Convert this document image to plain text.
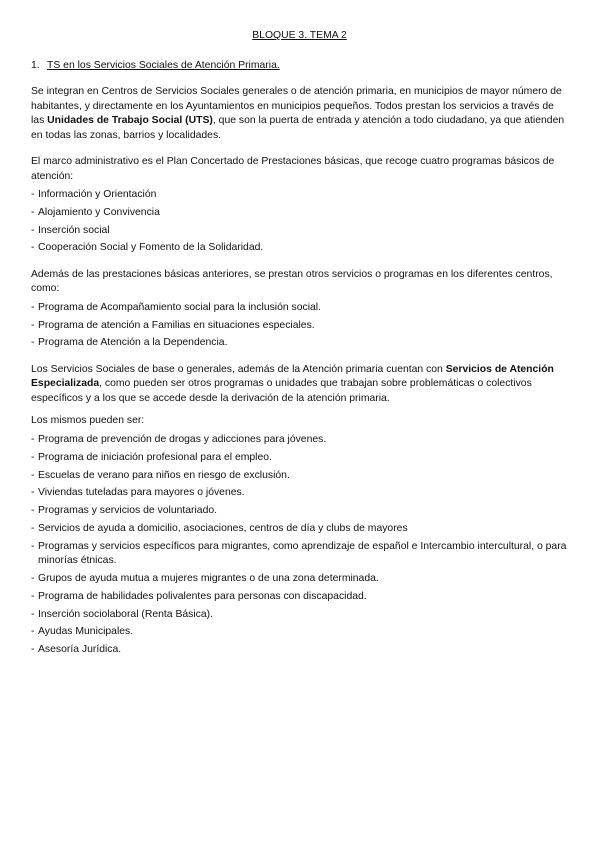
BLOQUE 3. TEMA 2
1. TS en los Servicios Sociales de Atención Primaria.

Se integran en Centros de Servicios Sociales generales o de atención primaria, en municipios de mayor número de habitantes, y directamente en los Ayuntamientos en municipios pequeños. Todos prestan los servicios a través de las Unidades de Trabajo Social (UTS), que son la puerta de entrada y atención a todo ciudadano, ya que atienden en todas las zonas, barrios y localidades.

El marco administrativo es el Plan Concertado de Prestaciones básicas, que recoge cuatro programas básicos de atención:

- Información y Orientación
- Alojamiento y Convivencia
- Inserción social
- Cooperación Social y Fomento de la Solidaridad.

Además de las prestaciones básicas anteriores, se prestan otros servicios o programas en los diferentes centros, como:

- Programa de Acompañamiento social para la inclusión social.
- Programa de atención a Familias en situaciones especiales.
- Programa de Atención a la Dependencia.

Los Servicios Sociales de base o generales, además de la Atención primaria cuentan con Servicios de Atención Especializada, como pueden ser otros programas o unidades que trabajan sobre problemáticas o colectivos específicos y a los que se accede desde la derivación de la atención primaria.

Los mismos pueden ser:

- Programa de prevención de drogas y adicciones para jóvenes.
- Programa de iniciación profesional para el empleo.
- Escuelas de verano para niños en riesgo de exclusión.
- Viviendas tuteladas para mayores o jóvenes.
- Programas y servicios de voluntariado.
- Servicios de ayuda a domicilio, asociaciones, centros de día y clubs de mayores
- Programas y servicios específicos para migrantes, como aprendizaje de español e Intercambio intercultural, o para minorías étnicas.
- Grupos de ayuda mutua a mujeres migrantes o de una zona determinada.
- Programa de habilidades polivalentes para personas con discapacidad.
- Inserción sociolaboral (Renta Básica).
- Ayudas Municipales.
- Asesoría Jurídica.
